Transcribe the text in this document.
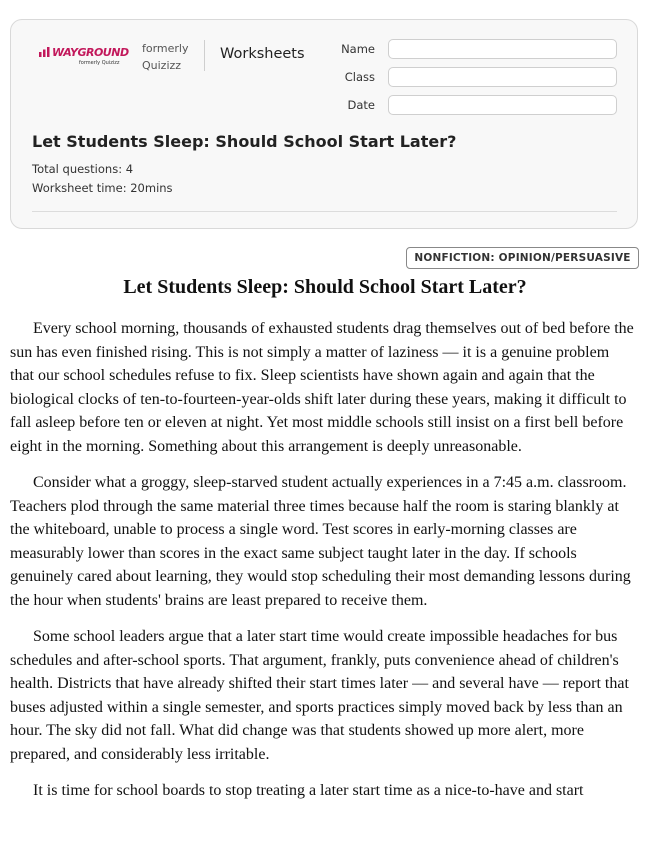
WAYGROUND
formerly Quizizz
formerly Quizizz
Worksheets	Name
Class
Date
Let Students Sleep: Should School Start Later?
Total questions: 4
Worksheet time: 20mins
NONFICTION: OPINION/PERSUASIVE
Let Students Sleep: Should School Start Later?

Every school morning, thousands of exhausted students drag themselves out of bed before the sun has even finished rising. This is not simply a matter of laziness — it is a genuine problem that our school schedules refuse to fix. Sleep scientists have shown again and again that the biological clocks of ten-to-fourteen-year-olds shift later during these years, making it difficult to fall asleep before ten or eleven at night. Yet most middle schools still insist on a first bell before eight in the morning. Something about this arrangement is deeply unreasonable.

Consider what a groggy, sleep-starved student actually experiences in a 7:45 a.m. classroom. Teachers plod through the same material three times because half the room is staring blankly at the whiteboard, unable to process a single word. Test scores in early-morning classes are measurably lower than scores in the exact same subject taught later in the day. If schools genuinely cared about learning, they would stop scheduling their most demanding lessons during the hour when students' brains are least prepared to receive them.

Some school leaders argue that a later start time would create impossible headaches for bus schedules and after-school sports. That argument, frankly, puts convenience ahead of children's health. Districts that have already shifted their start times later — and several have — report that buses adjusted within a single semester, and sports practices simply moved back by less than an hour. The sky did not fall. What did change was that students showed up more alert, more prepared, and considerably less irritable.

It is time for school boards to stop treating a later start time as a nice-to-have and start
